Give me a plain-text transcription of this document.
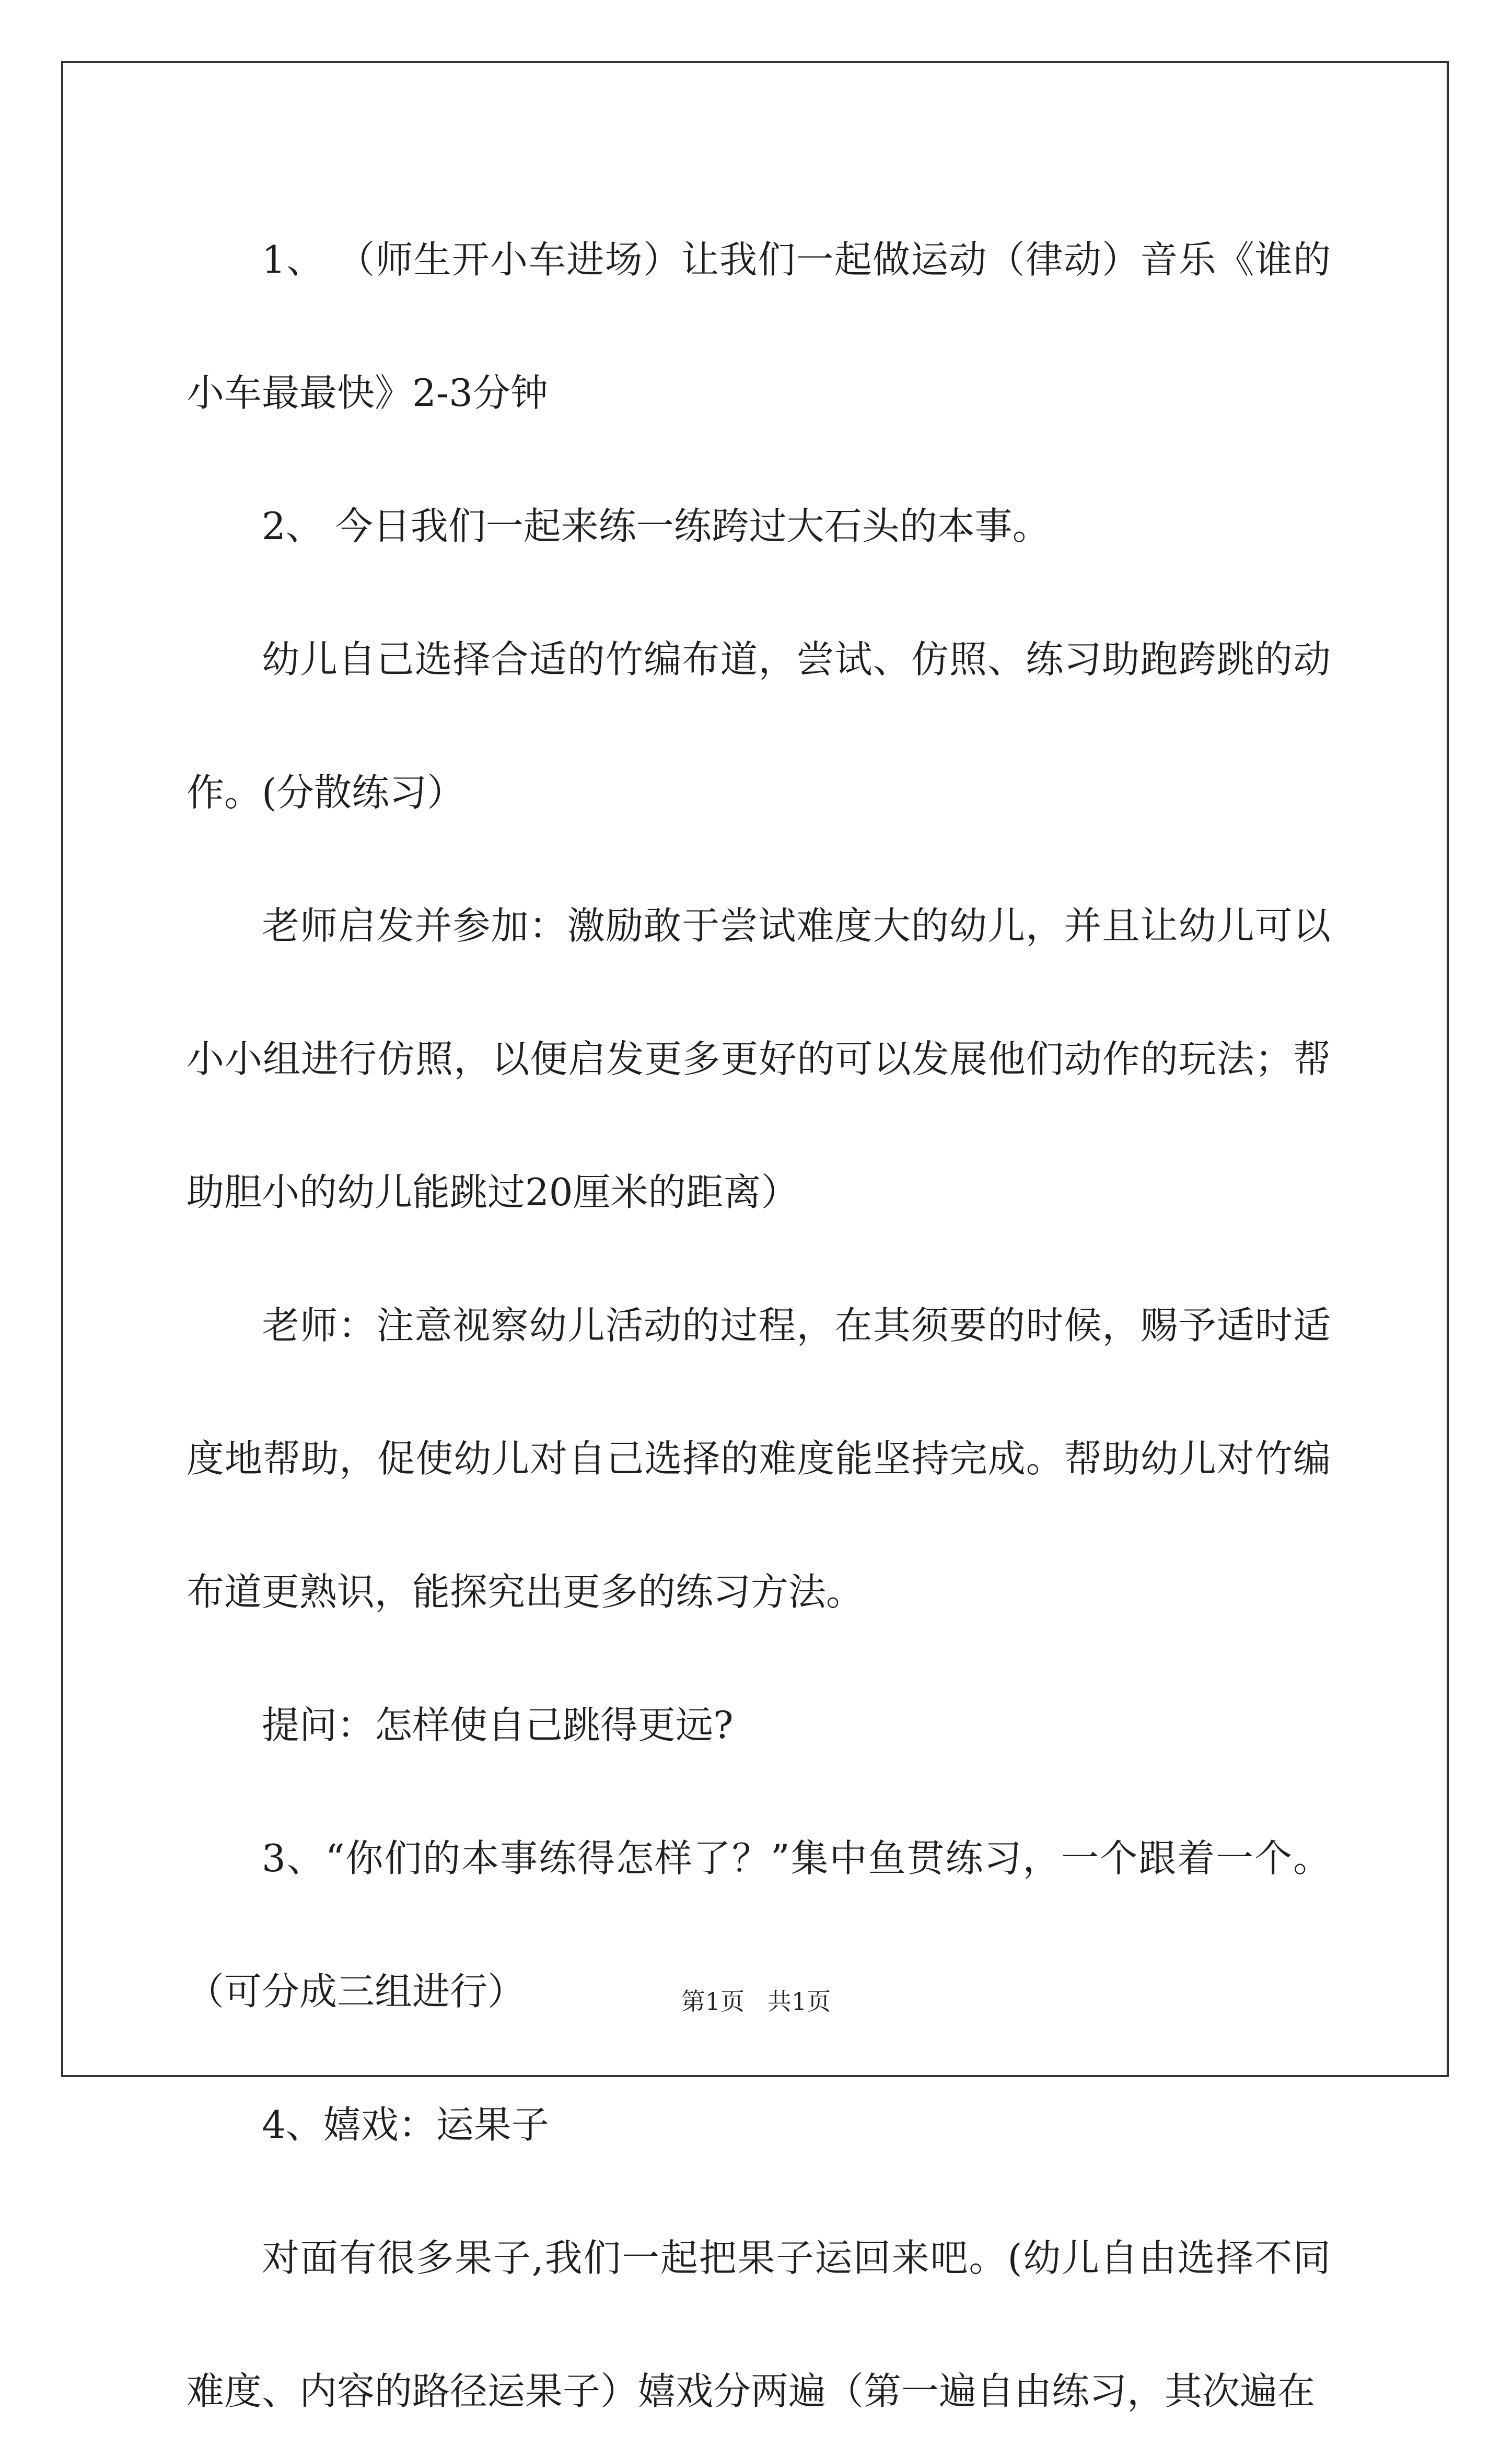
1、 （师生开小车进场）让我们一起做运动（律动）音乐《谁的小车最最快》2-3分钟

2、 今日我们一起来练一练跨过大石头的本事。

幼儿自己选择合适的竹编布道，尝试、仿照、练习助跑跨跳的动作。(分散练习）

老师启发并参加：激励敢于尝试难度大的幼儿，并且让幼儿可以小小组进行仿照，以便启发更多更好的可以发展他们动作的玩法；帮助胆小的幼儿能跳过20厘米的距离）

老师：注意视察幼儿活动的过程，在其须要的时候，赐予适时适度地帮助，促使幼儿对自己选择的难度能坚持完成。帮助幼儿对竹编布道更熟识，能探究出更多的练习方法。

提问：怎样使自己跳得更远?

3、“你们的本事练得怎样了？”集中鱼贯练习，一个跟着一个。（可分成三组进行）

4、嬉戏：运果子

对面有很多果子,我们一起把果子运回来吧。(幼儿自由选择不同难度、内容的路径运果子）嬉戏分两遍（第一遍自由练习，其次遍在

第1页   共1页
